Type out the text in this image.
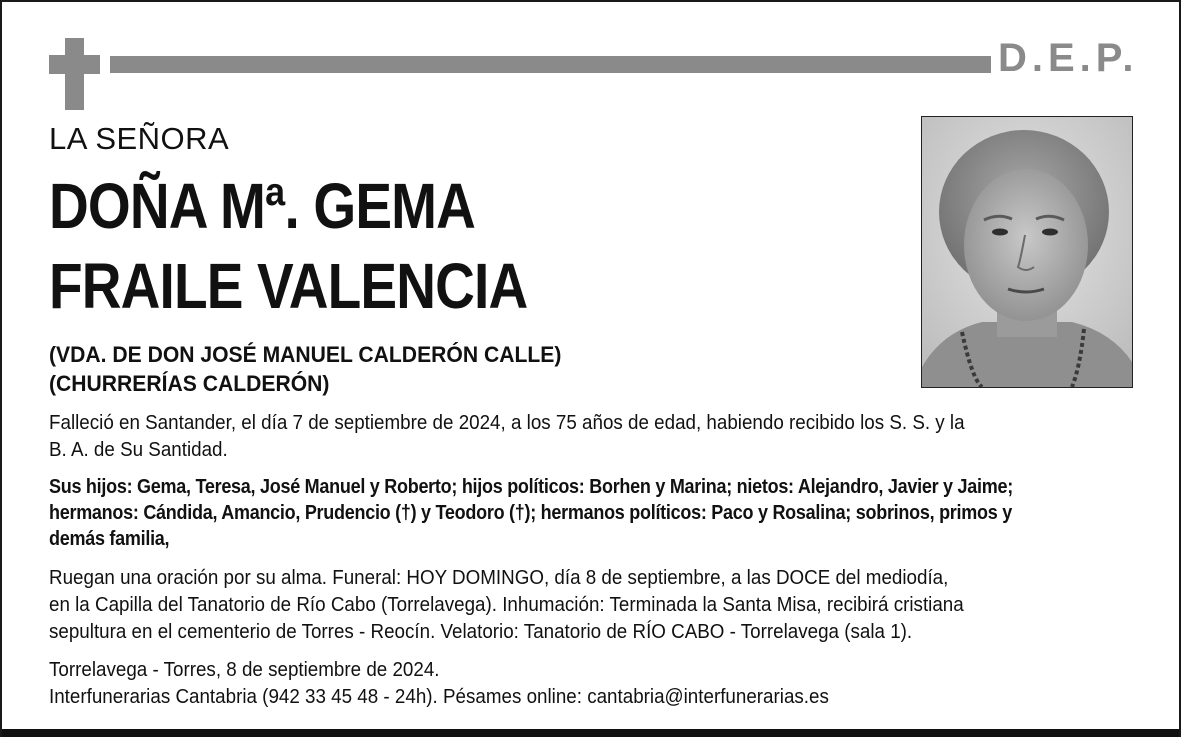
D.E.P.
LA SEÑORA
DOÑA Mª. GEMA
FRAILE VALENCIA
(VDA. DE DON JOSÉ MANUEL CALDERÓN CALLE)
(CHURRERÍAS CALDERÓN)

Falleció en Santander, el día 7 de septiembre de 2024, a los 75 años de edad, habiendo recibido los S. S. y la
B. A. de Su Santidad.

Sus hijos: Gema, Teresa, José Manuel y Roberto; hijos políticos: Borhen y Marina; nietos: Alejandro, Javier y Jaime;
hermanos: Cándida, Amancio, Prudencio (†) y Teodoro (†); hermanos políticos: Paco y Rosalina; sobrinos, primos y
demás familia,

Ruegan una oración por su alma. Funeral: HOY DOMINGO, día 8 de septiembre, a las DOCE del mediodía,
en la Capilla del Tanatorio de Río Cabo (Torrelavega). Inhumación: Terminada la Santa Misa, recibirá cristiana
sepultura en el cementerio de Torres - Reocín. Velatorio: Tanatorio de RÍO CABO - Torrelavega (sala 1).

Torrelavega - Torres, 8 de septiembre de 2024.
Interfunerarias Cantabria (942 33 45 48 - 24h). Pésames online: cantabria@interfunerarias.es
